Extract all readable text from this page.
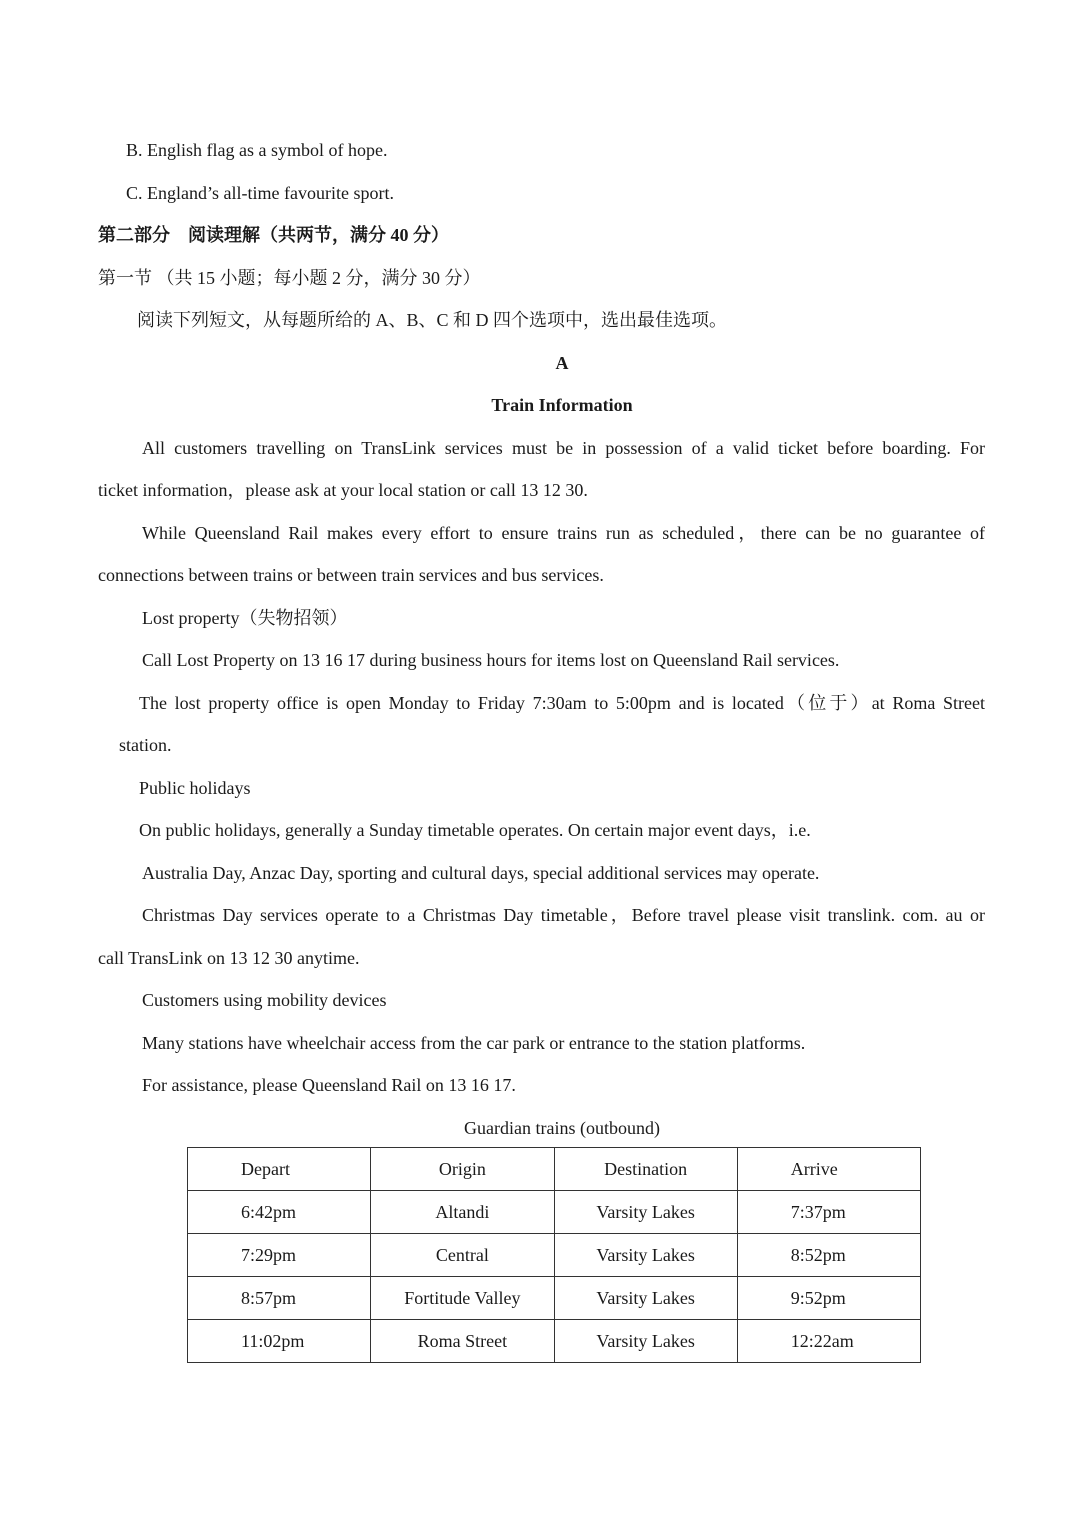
B. English flag as a symbol of hope.
C. England’s all-time favourite sport.
第二部分　阅读理解（共两节，满分 40 分）
第一节 （共 15 小题；每小题 2 分，满分 30 分）
阅读下列短文，从每题所给的 A、B、C 和 D 四个选项中，选出最佳选项。
A
Train Information
All customers travelling on TransLink services must be in possession of a valid ticket before boarding. For
ticket information，please ask at your local station or call 13 12 30.
While Queensland Rail makes every effort to ensure trains run as scheduled，there can be no guarantee of
connections between trains or between train services and bus services.
Lost property（失物招领）
Call Lost Property on 13 16 17 during business hours for items lost on Queensland Rail services.
The lost property office is open Monday to Friday 7:30am to 5:00pm and is located（位于）at Roma Street
station.
Public holidays
On public holidays, generally a Sunday timetable operates. On certain major event days，i.e.
Australia Day, Anzac Day, sporting and cultural days, special additional services may operate.
Christmas Day services operate to a Christmas Day timetable，Before travel please visit translink. com. au or
call TransLink on 13 12 30 anytime.
Customers using mobility devices
Many stations have wheelchair access from the car park or entrance to the station platforms.
For assistance, please Queensland Rail on 13 16 17.
Guardian trains (outbound)
Depart	Origin	Destination	Arrive
6:42pm	Altandi	Varsity Lakes	7:37pm
7:29pm	Central	Varsity Lakes	8:52pm
8:57pm	Fortitude Valley	Varsity Lakes	9:52pm
11:02pm	Roma Street	Varsity Lakes	12:22am
